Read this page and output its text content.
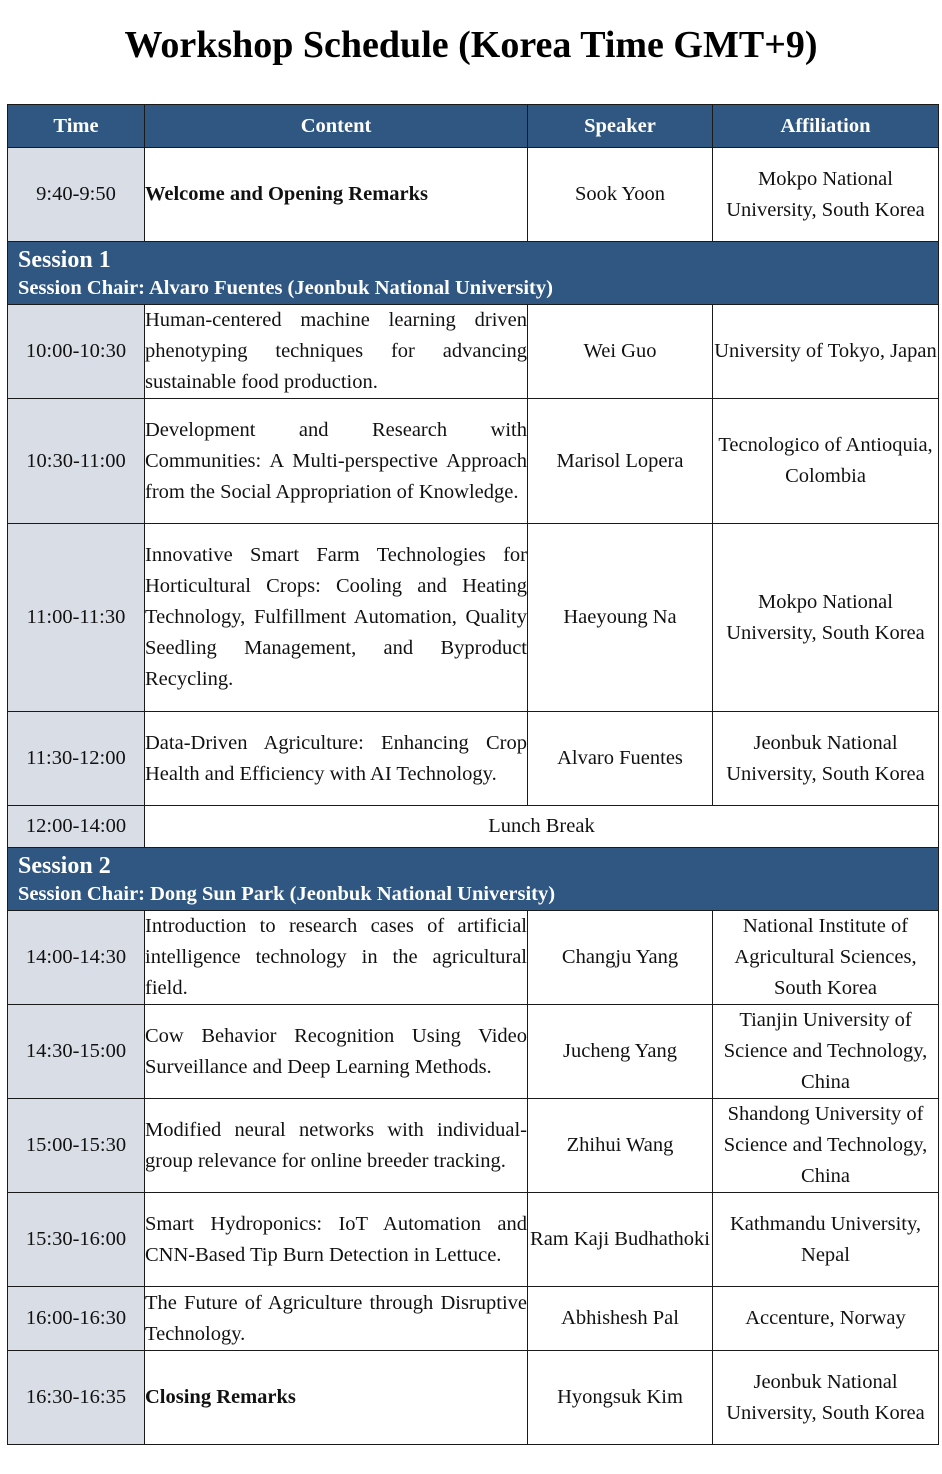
Workshop Schedule (Korea Time GMT+9)
Time	Content	Speaker	Affiliation
9:40-9:50	Welcome and Opening Remarks	Sook Yoon	Mokpo National University, South Korea

Session 1
Session Chair: Alvaro Fuentes (Jeonbuk National University)			

10:00-10:30	Human-centered machine learning driven phenotyping techniques for advancing sustainable food production.	Wei Guo	University of Tokyo, Japan
10:30-11:00	Development and Research with Communities: A Multi-perspective Approach from the Social Appropriation of Knowledge.	Marisol Lopera	Tecnologico of Antioquia, Colombia
11:00-11:30	Innovative Smart Farm Technologies for Horticultural Crops: Cooling and Heating Technology, Fulfillment Automation, Quality Seedling Management, and Byproduct Recycling.	Haeyoung Na	Mokpo National University, South Korea
11:30-12:00	Data-Driven Agriculture: Enhancing Crop Health and Efficiency with AI Technology.	Alvaro Fuentes	Jeonbuk National University, South Korea
12:00-14:00	Lunch Break		

Session 2
Session Chair: Dong Sun Park (Jeonbuk National University)			

14:00-14:30	Introduction to research cases of artificial intelligence technology in the agricultural field.	Changju Yang	National Institute of Agricultural Sciences, South Korea
14:30-15:00	Cow Behavior Recognition Using Video Surveillance and Deep Learning Methods.	Jucheng Yang	Tianjin University of Science and Technology, China
15:00-15:30	Modified neural networks with individual-group relevance for online breeder tracking.	Zhihui Wang	Shandong University of Science and Technology, China
15:30-16:00	Smart Hydroponics: IoT Automation and CNN-Based Tip Burn Detection in Lettuce.	Ram Kaji Budhathoki	Kathmandu University, Nepal
16:00-16:30	The Future of Agriculture through Disruptive Technology.	Abhishesh Pal	Accenture, Norway
16:30-16:35	Closing Remarks	Hyongsuk Kim	Jeonbuk National University, South Korea
